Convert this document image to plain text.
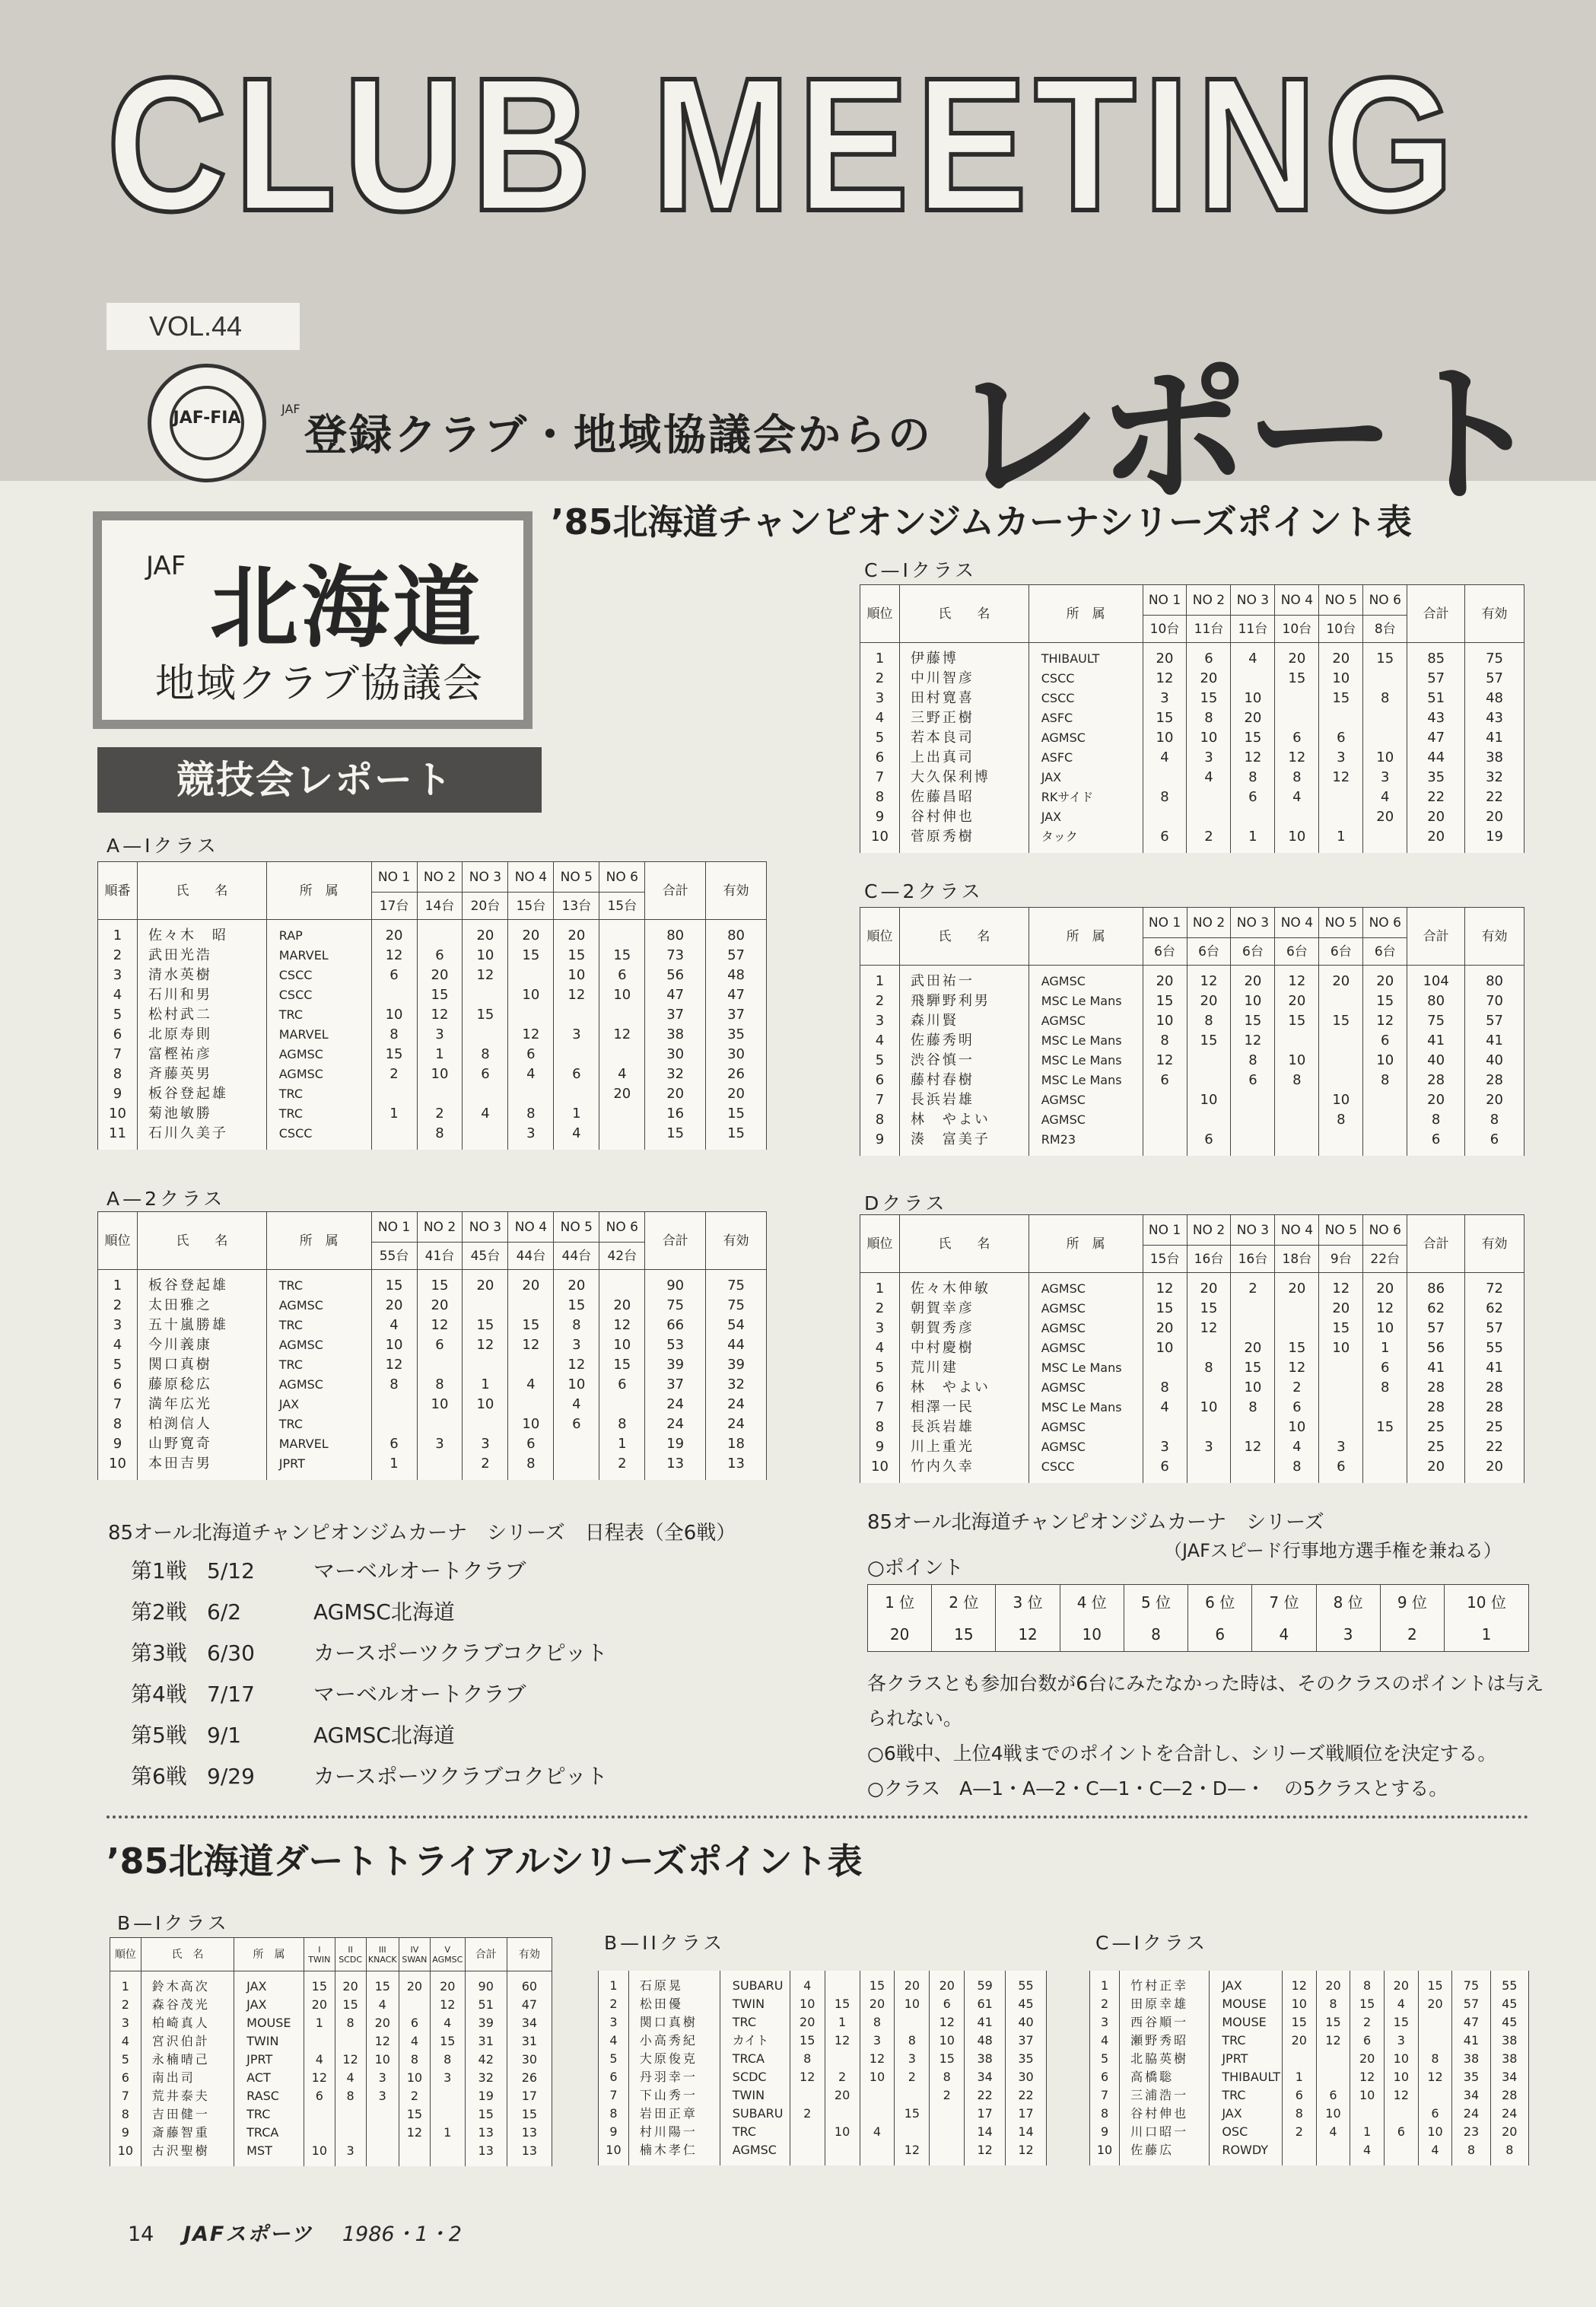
CLUB MEETING
VOL.44
JAF-FIA	JAF
登録クラブ・地域協議会からの レポート
JAF 北海道
地域クラブ協議会
競技会レポート
’85北海道チャンピオンジムカーナシリーズポイント表
A—Iクラス
順番	氏　　名	所　属	NO 1	NO 2	NO 3	NO 4	NO 5	NO 6	合計	有効
			17台	14台	20台	15台	13台	15台		
1	佐々木　昭	RAP	20		20	20	20		80	80
2	武田光浩	MARVEL	12	6	10	15	15	15	73	57
3	清水英樹	CSCC	6	20	12		10	6	56	48
4	石川和男	CSCC		15		10	12	10	47	47
5	松村武二	TRC	10	12	15				37	37
6	北原寿則	MARVEL	8	3		12	3	12	38	35
7	富樫祐彦	AGMSC	15	1	8	6			30	30
8	斉藤英男	AGMSC	2	10	6	4	6	4	32	26
9	板谷登起雄	TRC						20	20	20
10	菊池敏勝	TRC	1	2	4	8	1		16	15
11	石川久美子	CSCC		8		3	4		15	15
A—2クラス
順位	氏　　名	所　属	NO 1	NO 2	NO 3	NO 4	NO 5	NO 6	合計	有効
			55台	41台	45台	44台	44台	42台		
1	板谷登起雄	TRC	15	15	20	20	20		90	75
2	太田雅之	AGMSC	20	20			15	20	75	75
3	五十嵐勝雄	TRC	4	12	15	15	8	12	66	54
4	今川義康	AGMSC	10	6	12	12	3	10	53	44
5	関口真樹	TRC	12				12	15	39	39
6	藤原稔広	AGMSC	8	8	1	4	10	6	37	32
7	満年広光	JAX		10	10		4		24	24
8	柏渕信人	TRC				10	6	8	24	24
9	山野寛奇	MARVEL	6	3	3	6		1	19	18
10	本田吉男	JPRT	1		2	8		2	13	13
C—Iクラス
順位	氏　　名	所　属	NO 1	NO 2	NO 3	NO 4	NO 5	NO 6	合計	有効
			10台	11台	11台	10台	10台	8台		
1	伊藤博	THIBAULT	20	6	4	20	20	15	85	75
2	中川智彦	CSCC	12	20		15	10		57	57
3	田村寛喜	CSCC	3	15	10		15	8	51	48
4	三野正樹	ASFC	15	8	20				43	43
5	若本良司	AGMSC	10	10	15	6	6		47	41
6	上出真司	ASFC	4	3	12	12	3	10	44	38
7	大久保利博	JAX		4	8	8	12	3	35	32
8	佐藤昌昭	RKサイド	8		6	4		4	22	22
9	谷村伸也	JAX						20	20	20
10	菅原秀樹	タック	6	2	1	10	1		20	19
C—2クラス
順位	氏　　名	所　属	NO 1	NO 2	NO 3	NO 4	NO 5	NO 6	合計	有効
			6台	6台	6台	6台	6台	6台		
1	武田祐一	AGMSC	20	12	20	12	20	20	104	80
2	飛騨野利男	MSC Le Mans	15	20	10	20		15	80	70
3	森川賢	AGMSC	10	8	15	15	15	12	75	57
4	佐藤秀明	MSC Le Mans	8	15	12			6	41	41
5	渋谷慎一	MSC Le Mans	12		8	10		10	40	40
6	藤村春樹	MSC Le Mans	6		6	8		8	28	28
7	長浜岩雄	AGMSC		10			10		20	20
8	林　やよい	AGMSC					8		8	8
9	湊　富美子	RM23		6					6	6
Dクラス
順位	氏　　名	所　属	NO 1	NO 2	NO 3	NO 4	NO 5	NO 6	合計	有効
			15台	16台	16台	18台	9台	22台		
1	佐々木伸敏	AGMSC	12	20	2	20	12	20	86	72
2	朝賀幸彦	AGMSC	15	15			20	12	62	62
3	朝賀秀彦	AGMSC	20	12			15	10	57	57
4	中村慶樹	AGMSC	10		20	15	10	1	56	55
5	荒川建	MSC Le Mans		8	15	12		6	41	41
6	林　やよい	AGMSC	8		10	2		8	28	28
7	相澤一民	MSC Le Mans	4	10	8	6			28	28
8	長浜岩雄	AGMSC				10		15	25	25
9	川上重光	AGMSC	3	3	12	4	3		25	22
10	竹内久幸	CSCC	6			8	6		20	20
85オール北海道チャンピオンジムカーナ　シリーズ　日程表（全6戦）
第1戦 5/12	マーベルオートクラブ
第2戦 6/2	AGMSC北海道
第3戦 6/30	カースポーツクラブコクピット
第4戦 7/17	マーベルオートクラブ
第5戦 9/1	AGMSC北海道
第6戦 9/29	カースポーツクラブコクピット
85オール北海道チャンピオンジムカーナ　シリーズ
（JAFスピード行事地方選手権を兼ねる）
○ポイント
1 位	2 位	3 位	4 位	5 位	6 位	7 位	8 位	9 位	10 位
20	15	12	10	8	6	4	3	2	1
各クラスとも参加台数が6台にみたなかった時は、そのクラスのポイントは与えられない。
○6戦中、上位4戦までのポイントを合計し、シリーズ戦順位を決定する。
○クラス　A—1・A—2・C—1・C—2・D—・　の5クラスとする。
’85北海道ダートトライアルシリーズポイント表
B—Iクラス
順位	氏　名	所　属	I TWIN	II SCDC	III KNACK	IV SWAN	V AGMSC	合計	有効
1	鈴木高次	JAX	15	20	15	20	20	90	60
2	森谷茂光	JAX	20	15	4		12	51	47
3	柏崎真人	MOUSE	1	8	20	6	4	39	34
4	宮沢伯計	TWIN			12	4	15	31	31
5	永楠晴己	JPRT	4	12	10	8	8	42	30
6	南出司	ACT	12	4	3	10	3	32	26
7	荒井泰夫	RASC	6	8	3	2		19	17
8	吉田健一	TRC				15		15	15
9	斎藤智重	TRCA				12	1	13	13
10	古沢聖樹	MST	10	3				13	13
B—IIクラス
1	石原晃	SUBARU	4		15	20	20	59	55
2	松田優	TWIN	10	15	20	10	6	61	45
3	関口真樹	TRC	20	1	8		12	41	40
4	小高秀紀	カイト	15	12	3	8	10	48	37
5	大原俊克	TRCA	8		12	3	15	38	35
6	丹羽幸一	SCDC	12	2	10	2	8	34	30
7	下山秀一	TWIN		20			2	22	22
8	岩田正章	SUBARU	2			15		17	17
9	村川陽一	TRC		10	4			14	14
10	楠木孝仁	AGMSC				12		12	12
C—Iクラス
1	竹村正幸	JAX	12	20	8	20	15	75	55
2	田原幸雄	MOUSE	10	8	15	4	20	57	45
3	西谷順一	MOUSE	15	15	2	15		47	45
4	瀬野秀昭	TRC	20	12	6	3		41	38
5	北脇英樹	JPRT			20	10	8	38	38
6	高橋聡	THIBAULT	1		12	10	12	35	34
7	三浦浩一	TRC	6	6	10	12		34	28
8	谷村伸也	JAX	8	10			6	24	24
9	川口昭一	OSC	2	4	1	6	10	23	20
10	佐藤広	ROWDY			4		4	8	8
14 JAFスポーツ 1986・1・2
